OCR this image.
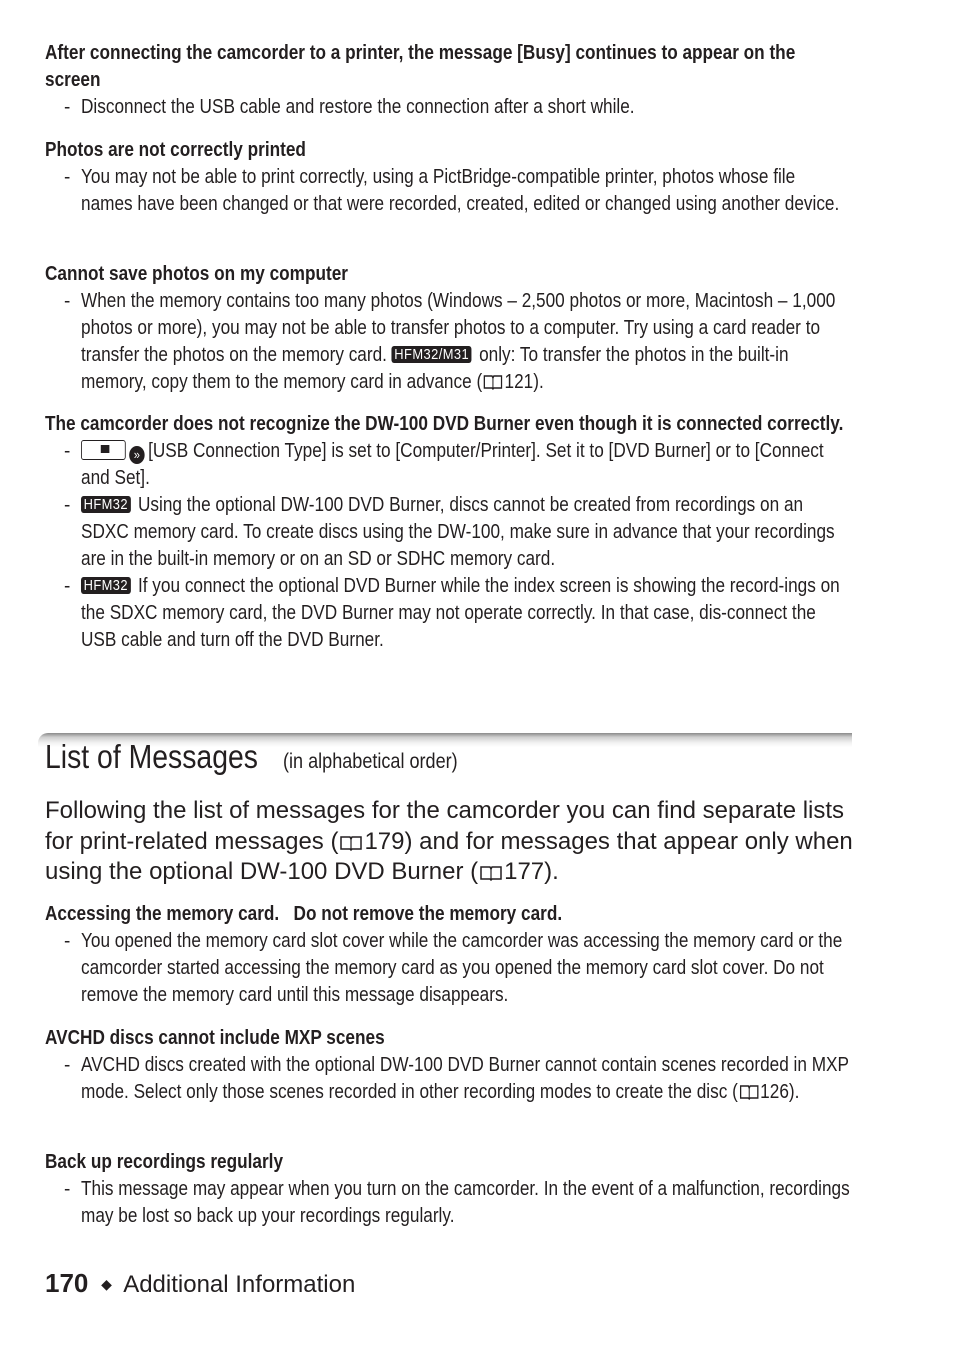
After connecting the camcorder to a printer, the message [Busy] continues to appear on the screen

- Disconnect the USB cable and restore the connection after a short while.

Photos are not correctly printed

- You may not be able to print correctly, using a PictBridge-compatible printer, photos whose file names have been changed or that were recorded, created, edited or changed using another device.

Cannot save photos on my computer

- When the memory contains too many photos (Windows – 2,500 photos or more, Macintosh – 1,000 photos or more), you may not be able to transfer photos to a computer. Try using a card reader to transfer the photos on the memory card. HFM32/M31 only: To transfer the photos in the built-in memory, copy them to the memory card in advance ( 121).

The camcorder does not recognize the DW-100 DVD Burner even though it is connected correctly.

-	» [USB Connection Type] is set to [Computer/Printer]. Set it to [DVD Burner] or to [Connect and Set].
- HFM32 Using the optional DW-100 DVD Burner, discs cannot be created from recordings on an SDXC memory card. To create discs using the DW-100, make sure in advance that your recordings are in the built-in memory or on an SD or SDHC memory card.
- HFM32 If you connect the optional DVD Burner while the index screen is showing the record-ings on the SDXC memory card, the DVD Burner may not operate correctly. In that case, dis-connect the USB cable and turn off the DVD Burner.
List of Messages (in alphabetical order)

Following the list of messages for the camcorder you can find separate lists for print-related messages ( 179) and for messages that appear only when using the optional DW-100 DVD Burner ( 177).

Accessing the memory card.   Do not remove the memory card.

- You opened the memory card slot cover while the camcorder was accessing the memory card or the camcorder started accessing the memory card as you opened the memory card slot cover. Do not remove the memory card until this message disappears.

AVCHD discs cannot include MXP scenes

- AVCHD discs created with the optional DW-100 DVD Burner cannot contain scenes recorded in MXP mode. Select only those scenes recorded in other recording modes to create the disc ( 126).

Back up recordings regularly

- This message may appear when you turn on the camcorder. In the event of a malfunction, recordings may be lost so back up your recordings regularly.
170 ◆ Additional Information
